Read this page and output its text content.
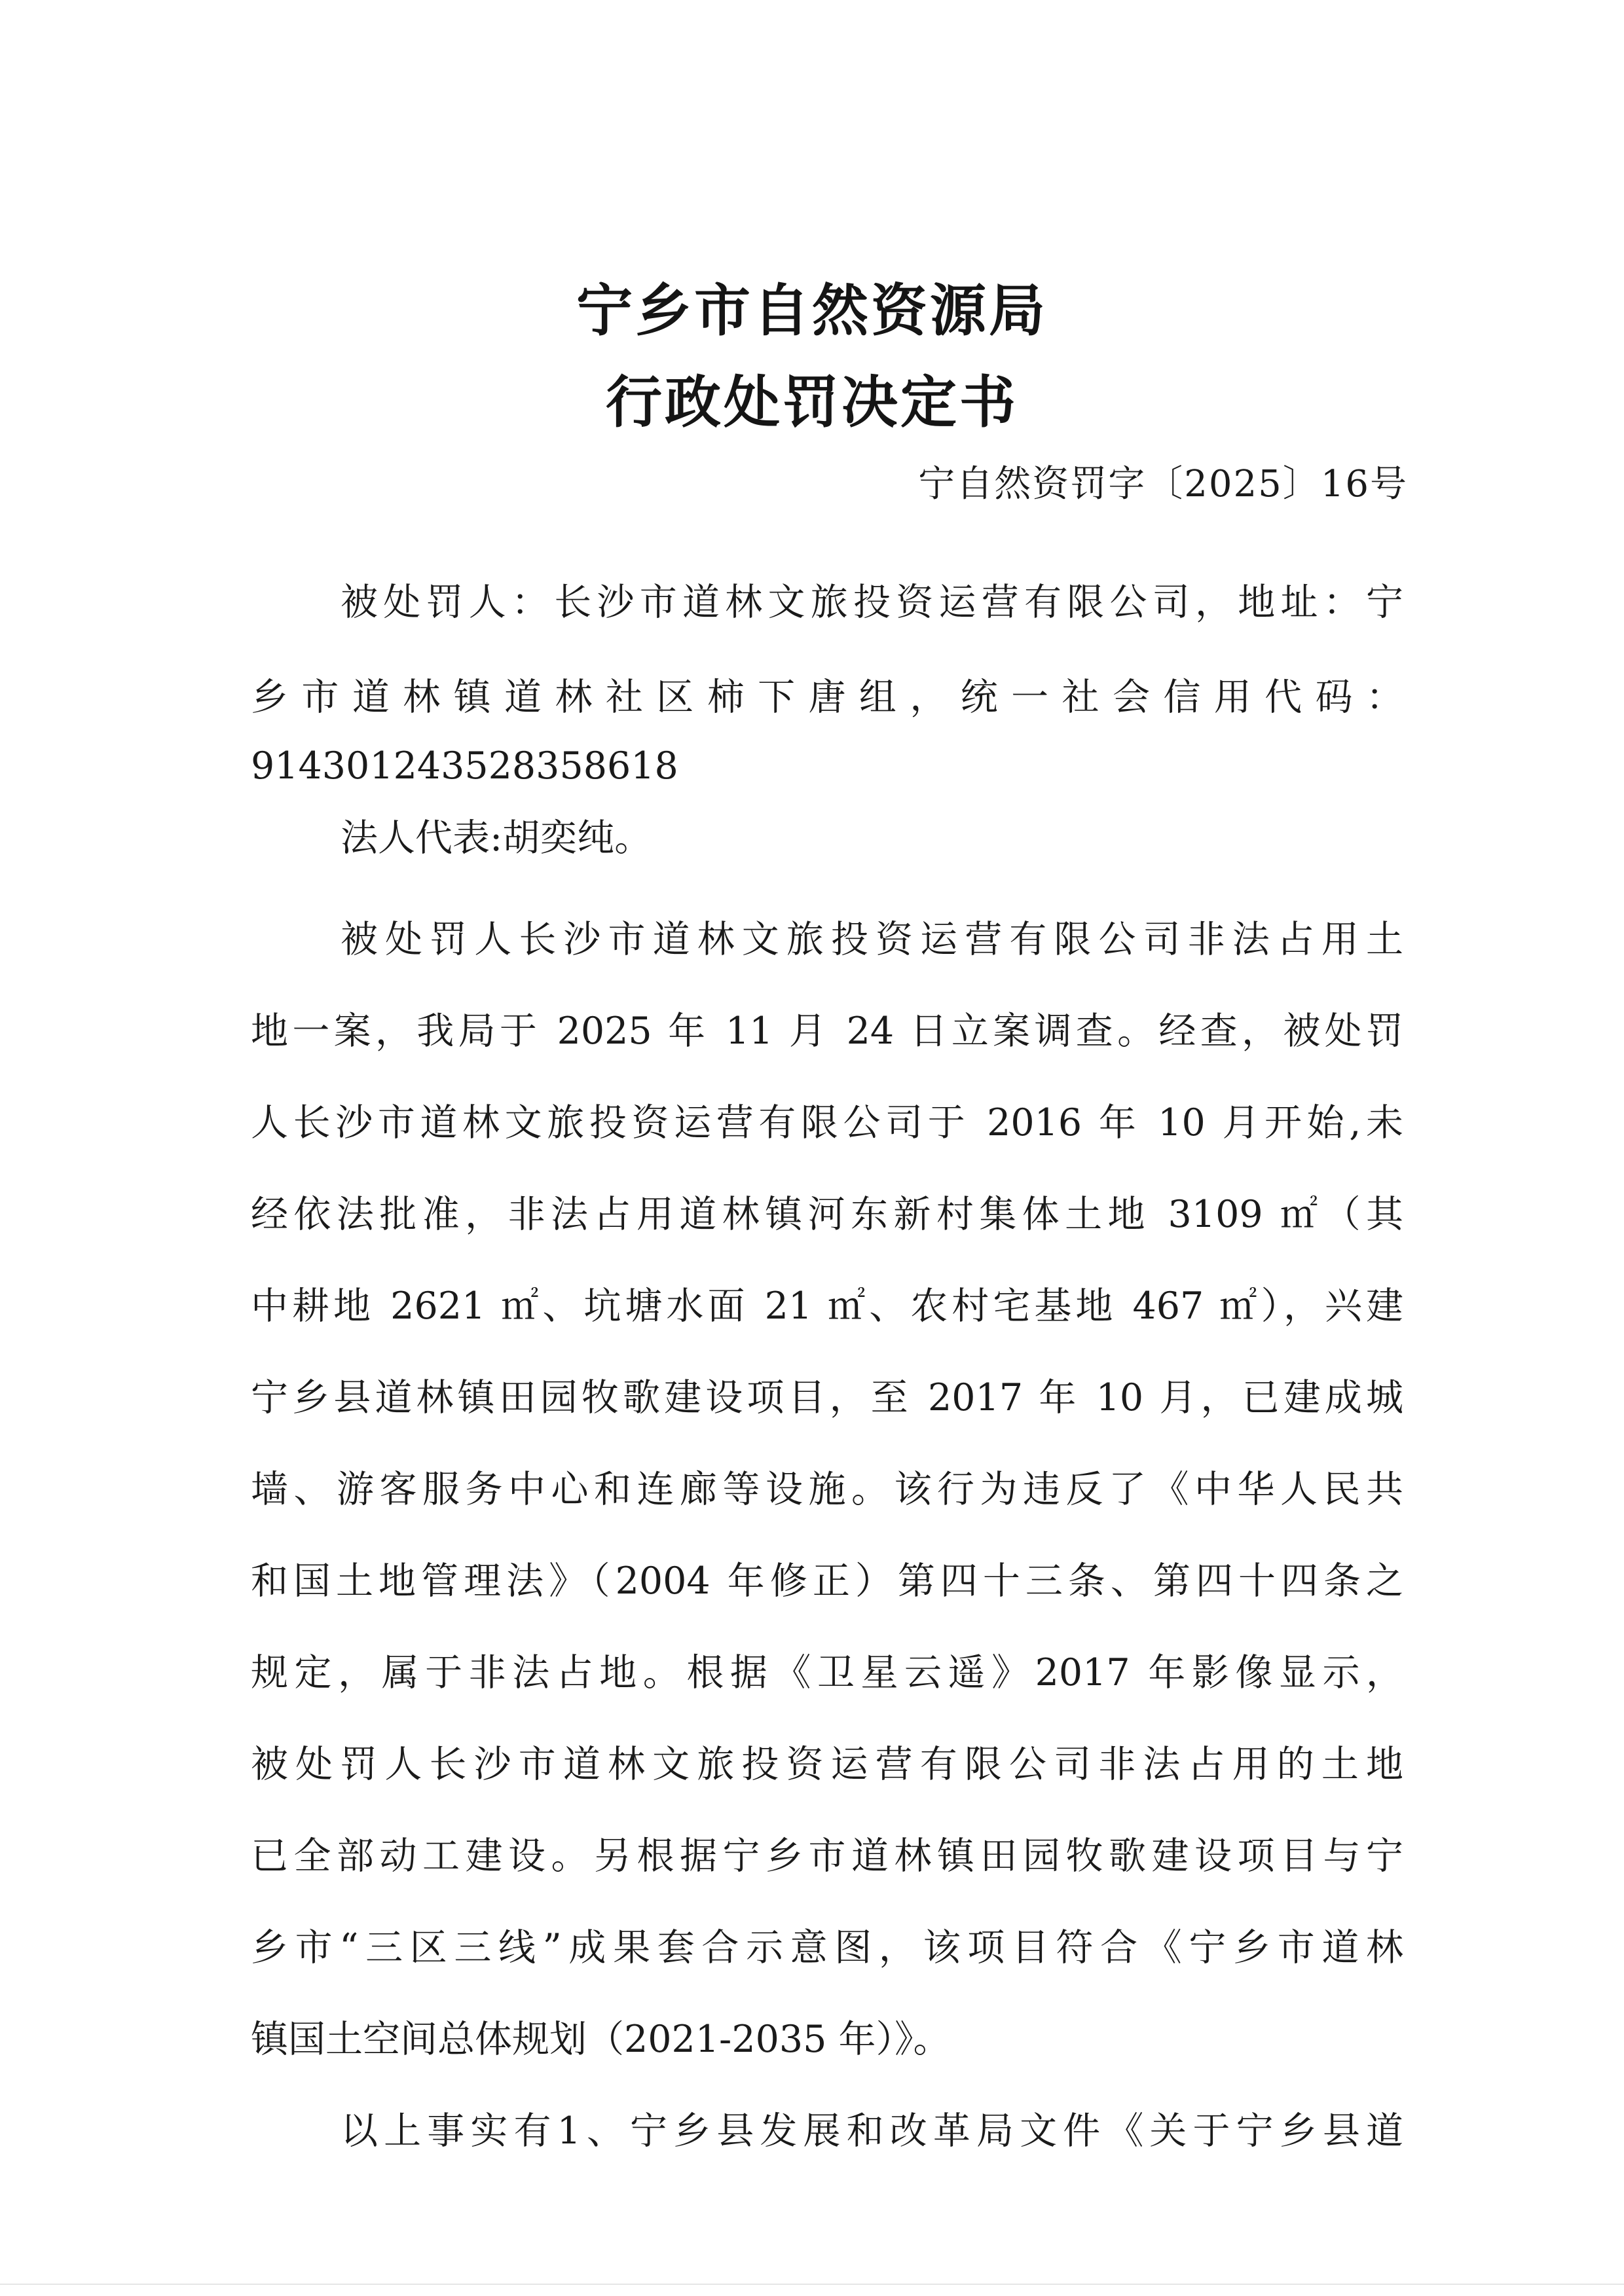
宁乡市自然资源局
行政处罚决定书
宁自然资罚字〔2025〕16号
被处罚人：长沙市道林文旅投资运营有限公司，地址：宁
乡市道林镇道林社区柿下唐组，统一社会信用代码：
914301243528358618
法人代表:胡奕纯。
被处罚人长沙市道林文旅投资运营有限公司非法占用土
地一案，我局于 2025 年 11 月 24 日立案调查。经查，被处罚
人长沙市道林文旅投资运营有限公司于 2016 年 10 月开始,未
经依法批准，非法占用道林镇河东新村集体土地 3109 ㎡（其
中耕地 2621 ㎡、坑塘水面 21 ㎡、农村宅基地 467 ㎡），兴建
宁乡县道林镇田园牧歌建设项目，至 2017 年 10 月，已建成城
墙、游客服务中心和连廊等设施。该行为违反了《中华人民共
和国土地管理法》（2004 年修正）第四十三条、第四十四条之
规定，属于非法占地。根据《卫星云遥》2017 年影像显示，
被处罚人长沙市道林文旅投资运营有限公司非法占用的土地
已全部动工建设。另根据宁乡市道林镇田园牧歌建设项目与宁
乡市“三区三线”成果套合示意图，该项目符合《宁乡市道林
镇国土空间总体规划（2021-2035 年）》。
以上事实有1、宁乡县发展和改革局文件《关于宁乡县道
